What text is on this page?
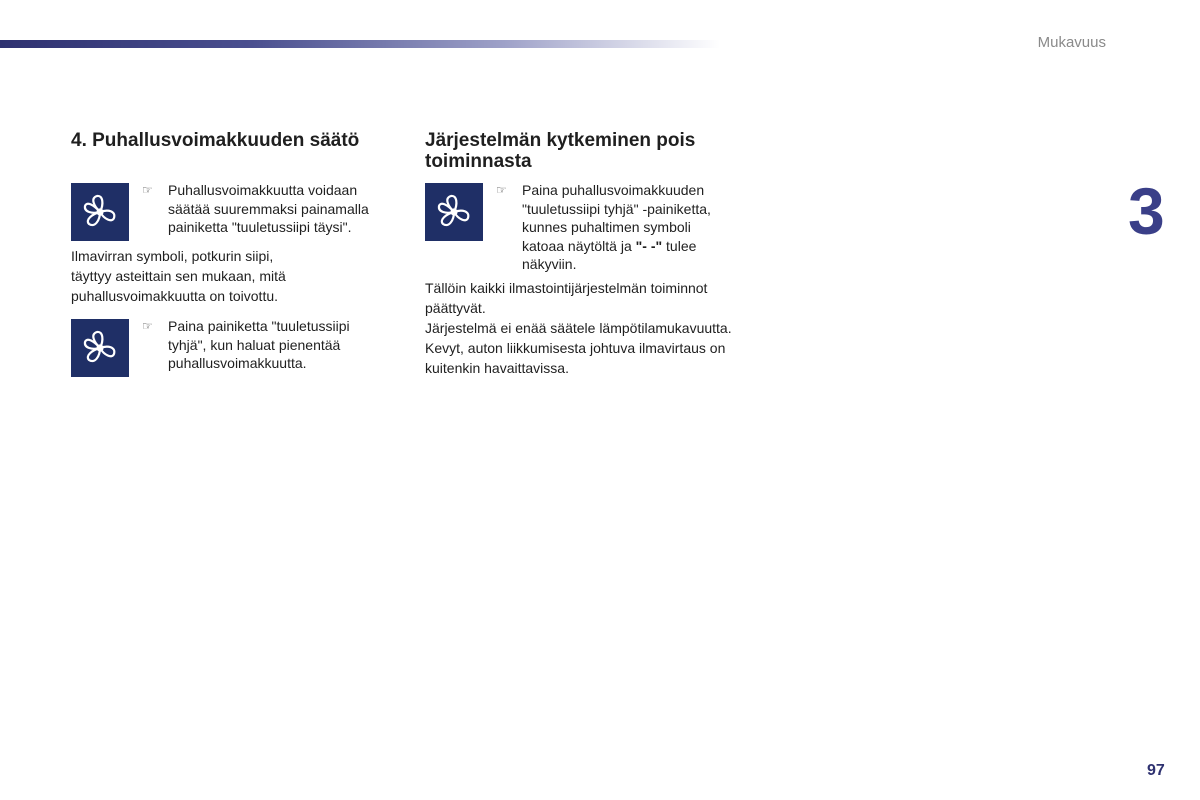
Mukavuus
3
4. Puhallusvoimakkuuden säätö
☞ Puhallusvoimakkuutta voidaan
säätää suuremmaksi painamalla
painiketta "tuuletussiipi täysi".
Ilmavirran symboli, potkurin siipi,
täyttyy asteittain sen mukaan, mitä
puhallusvoimakkuutta on toivottu.
☞ Paina painiketta "tuuletussiipi
tyhjä", kun haluat pienentää
puhallusvoimakkuutta.
Järjestelmän kytkeminen pois
toiminnasta
☞ Paina puhallusvoimakkuuden
"tuuletussiipi tyhjä" -painiketta,
kunnes puhaltimen symboli
katoaa näytöltä ja "- -" tulee
näkyviin.
Tällöin kaikki ilmastointijärjestelmän toiminnot
päättyvät.
Järjestelmä ei enää säätele lämpötilamukavuutta.
Kevyt, auton liikkumisesta johtuva ilmavirtaus on
kuitenkin havaittavissa.
97
